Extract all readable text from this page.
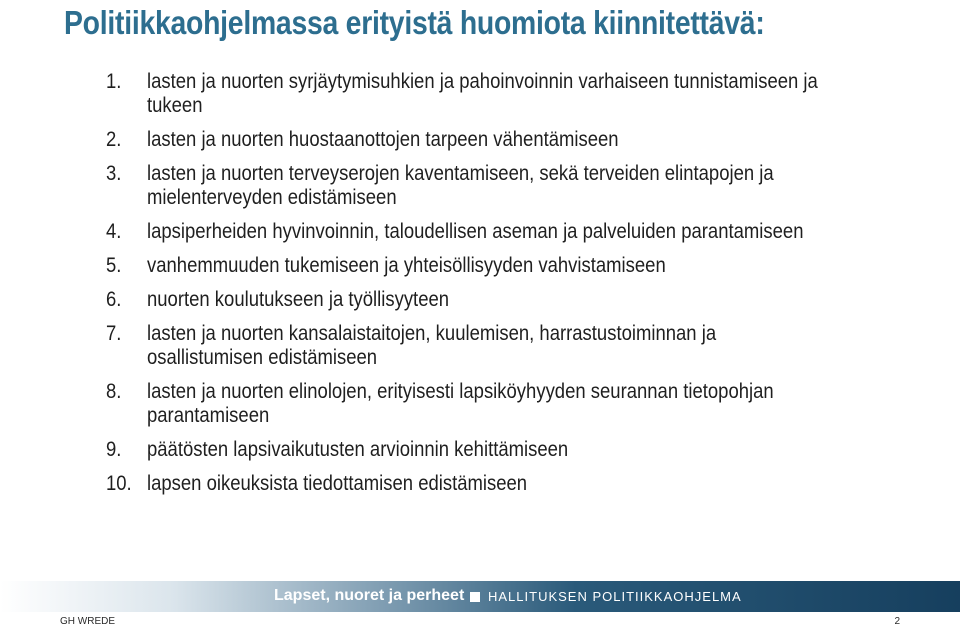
Politiikkaohjelmassa erityistä huomiota kiinnitettävä:
1.	lasten ja nuorten syrjäytymisuhkien ja pahoinvoinnin varhaiseen tunnistamiseen ja tukeen
2.	lasten ja nuorten huostaanottojen tarpeen vähentämiseen
3.	lasten ja nuorten terveyserojen kaventamiseen, sekä terveiden elintapojen ja mielenterveyden edistämiseen
4.	lapsiperheiden hyvinvoinnin, taloudellisen aseman ja palveluiden parantamiseen
5.	vanhemmuuden tukemiseen ja yhteisöllisyyden vahvistamiseen
6.	nuorten koulutukseen ja työllisyyteen
7.	lasten ja nuorten kansalaistaitojen, kuulemisen, harrastustoiminnan ja osallistumisen edistämiseen
8.	lasten ja nuorten elinolojen, erityisesti lapsiköyhyyden seurannan tietopohjan parantamiseen
9.	päätösten lapsivaikutusten arvioinnin kehittämiseen
10. lapsen oikeuksista tiedottamisen edistämiseen
Lapset, nuoret ja perheet HALLITUKSEN POLITIIKKAOHJELMA
GH WREDE	2
